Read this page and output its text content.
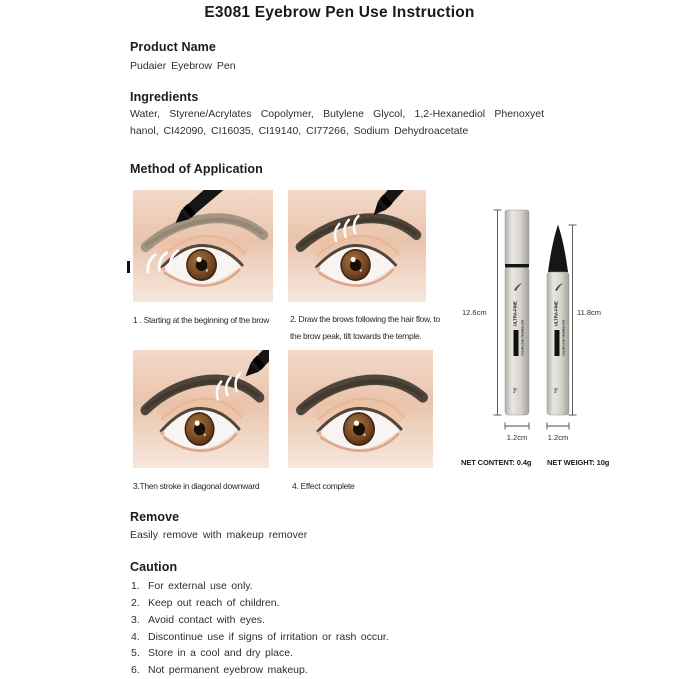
E3081 Eyebrow Pen Use Instruction
Product Name
Pudaier Eyebrow Pen
Ingredients
Water, Styrene/Acrylates Copolymer, Butylene Glycol, 1,2-Hexanediol Phenoxyet
hanol, CI42090, CI16035, CI19140, CI77266, Sodium Dehydroacetate
Method of Application
1 . Starting at the beginning of the brow 2. Draw the brows following the hair flow, to the brow peak, tilt towards the temple.
3.Then stroke in diagonal downward	4. Effect complete
ULTRA-FINE
COLOR LOCK TECHNOLOGY
P
ULTRA-FINE
COLOR LOCK TECHNOLOGY
P
12.6cm	11.8cm
1.2cm	1.2cm
NET CONTENT: 0.4g NET WEIGHT: 10g
Remove
Easily remove with makeup remover
Caution
1. For external use only.
2. Keep out reach of children.
3. Avoid contact with eyes.
4. Discontinue use if signs of irritation or rash occur.
5. Store in a cool and dry place.
6. Not permanent eyebrow makeup.
